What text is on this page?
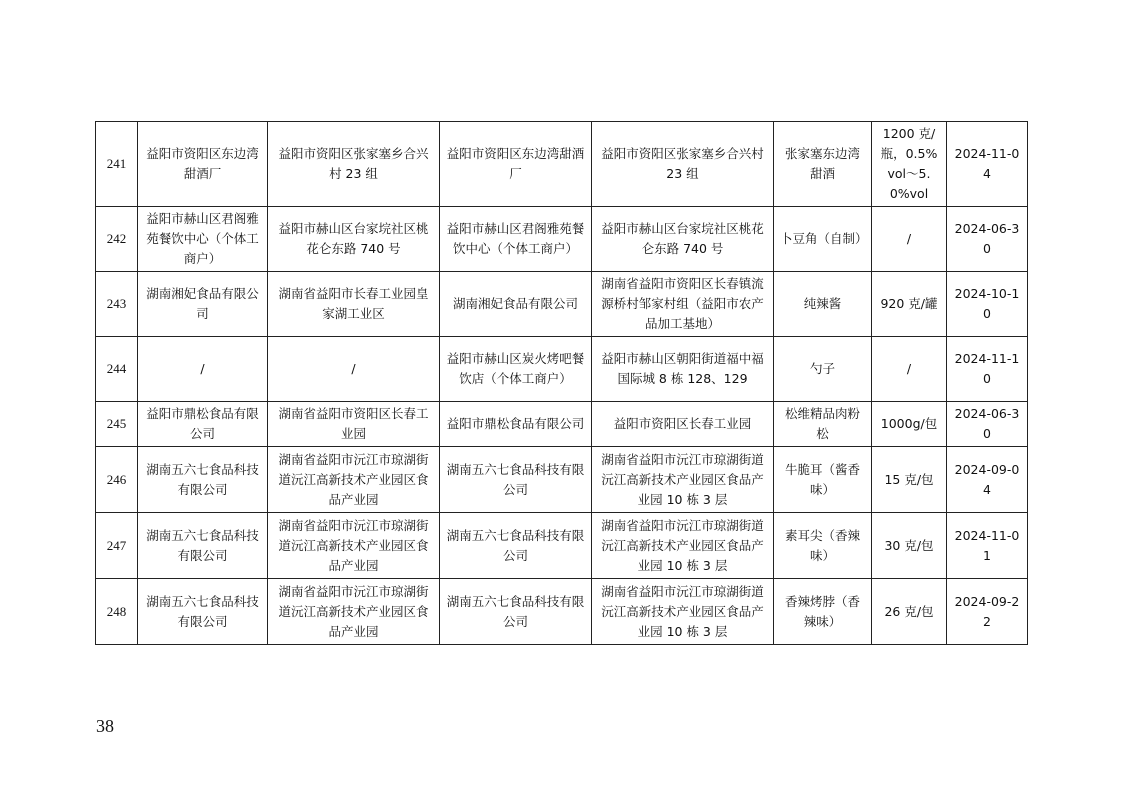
241	益阳市资阳区东边湾甜酒厂	益阳市资阳区张家塞乡合兴村 23 组	益阳市资阳区东边湾甜酒厂	益阳市资阳区张家塞乡合兴村 23 组	张家塞东边湾甜酒	1200 克/瓶，0.5%vol～5.0%vol	2024-11-04
242	益阳市赫山区君阁雅苑餐饮中心（个体工商户）	益阳市赫山区台家垸社区桃花仑东路 740 号	益阳市赫山区君阁雅苑餐饮中心（个体工商户）	益阳市赫山区台家垸社区桃花仑东路 740 号	卜豆角（自制）	/	2024-06-30
243	湖南湘妃食品有限公司	湖南省益阳市长春工业园皇家湖工业区	湖南湘妃食品有限公司	湖南省益阳市资阳区长春镇流源桥村邹家村组（益阳市农产品加工基地）	纯辣酱	920 克/罐	2024-10-10
244	/	/	益阳市赫山区炭火烤吧餐饮店（个体工商户）	益阳市赫山区朝阳街道福中福国际城 8 栋 128、129	勺子	/	2024-11-10
245	益阳市鼎松食品有限公司	湖南省益阳市资阳区长春工业园	益阳市鼎松食品有限公司	益阳市资阳区长春工业园	松维精品肉粉松	1000g/包	2024-06-30
246	湖南五六七食品科技有限公司	湖南省益阳市沅江市琼湖街道沅江高新技术产业园区食品产业园	湖南五六七食品科技有限公司	湖南省益阳市沅江市琼湖街道沅江高新技术产业园区食品产业园 10 栋 3 层	牛脆耳（酱香味）	15 克/包	2024-09-04
247	湖南五六七食品科技有限公司	湖南省益阳市沅江市琼湖街道沅江高新技术产业园区食品产业园	湖南五六七食品科技有限公司	湖南省益阳市沅江市琼湖街道沅江高新技术产业园区食品产业园 10 栋 3 层	素耳尖（香辣味）	30 克/包	2024-11-01
248	湖南五六七食品科技有限公司	湖南省益阳市沅江市琼湖街道沅江高新技术产业园区食品产业园	湖南五六七食品科技有限公司	湖南省益阳市沅江市琼湖街道沅江高新技术产业园区食品产业园 10 栋 3 层	香辣烤脖（香辣味）	26 克/包	2024-09-22
38
